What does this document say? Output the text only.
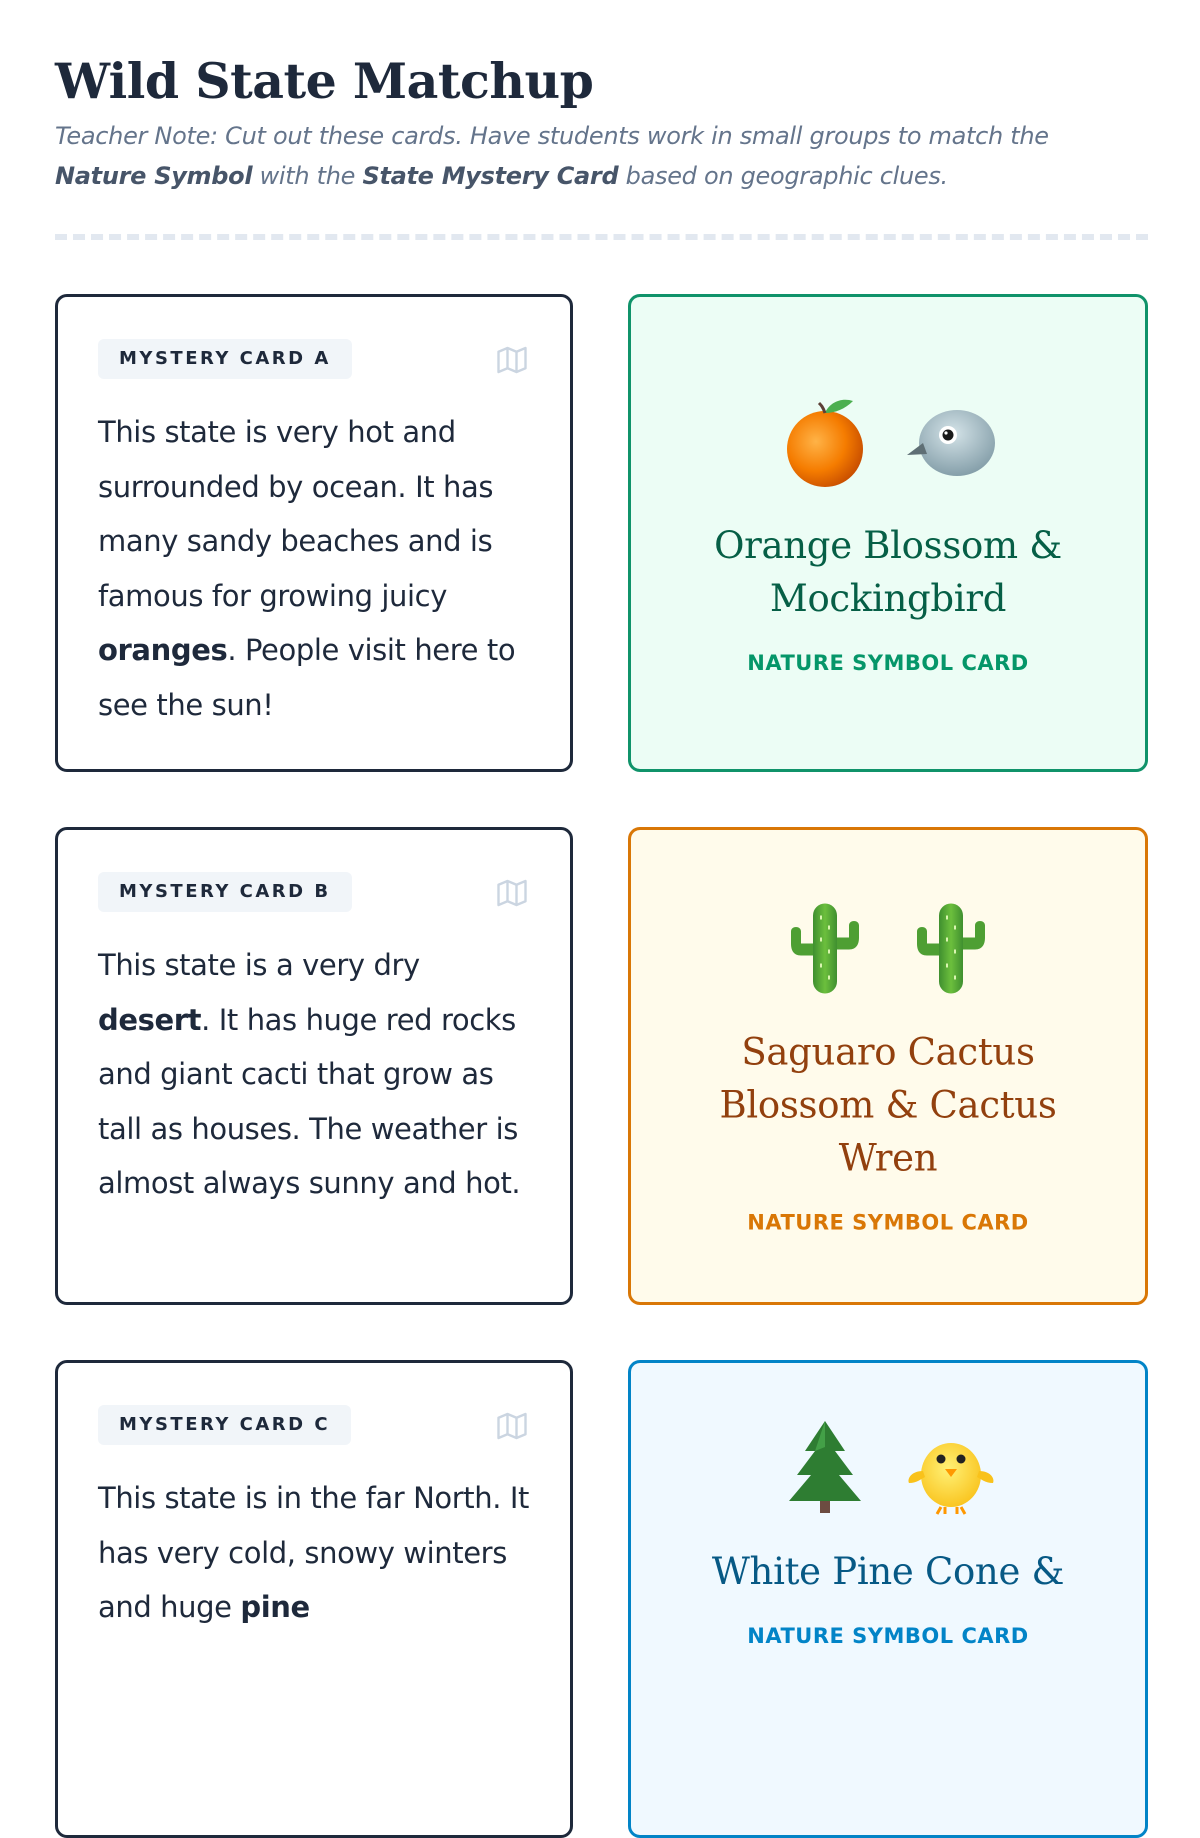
Wild State Matchup
Teacher Note: Cut out these cards. Have students work in small groups to match the Nature Symbol with the State Mystery Card based on geographic clues.
MYSTERY CARD A
This state is very hot and surrounded by ocean. It has many sandy beaches and is famous for growing juicy oranges. People visit here to see the sun!
Orange Blossom & Mockingbird
NATURE SYMBOL CARD
MYSTERY CARD B
This state is a very dry desert. It has huge red rocks and giant cacti that grow as tall as houses. The weather is almost always sunny and hot.
Saguaro Cactus Blossom & Cactus Wren
NATURE SYMBOL CARD
MYSTERY CARD C
This state is in the far North. It has very cold, snowy winters and huge pine
White Pine Cone &
NATURE SYMBOL CARD
